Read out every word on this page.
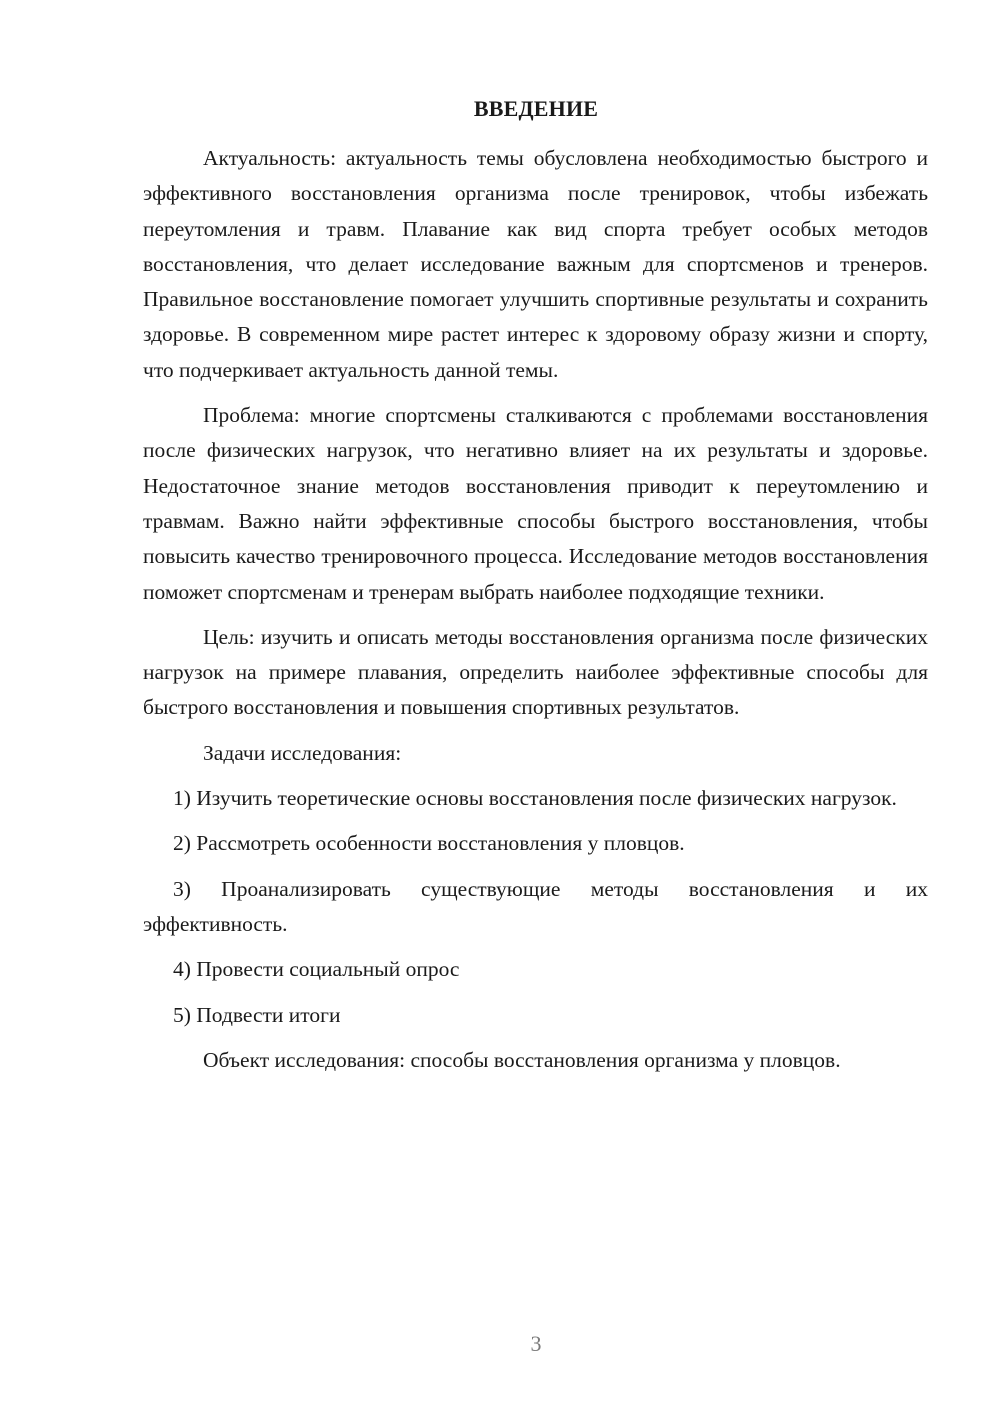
ВВЕДЕНИЕ

Актуальность: актуальность темы обусловлена необходимостью быстрого и эффективного восстановления организма после тренировок, чтобы избежать переутомления и травм. Плавание как вид спорта требует особых методов восстановления, что делает исследование важным для спортсменов и тренеров. Правильное восстановление помогает улучшить спортивные результаты и сохранить здоровье. В современном мире растет интерес к здоровому образу жизни и спорту, что подчеркивает актуальность данной темы.

Проблема: многие спортсмены сталкиваются с проблемами восстановления после физических нагрузок, что негативно влияет на их результаты и здоровье. Недостаточное знание методов восстановления приводит к переутомлению и травмам. Важно найти эффективные способы быстрого восстановления, чтобы повысить качество тренировочного процесса. Исследование методов восстановления поможет спортсменам и тренерам выбрать наиболее подходящие техники.

Цель: изучить и описать методы восстановления организма после физических нагрузок на примере плавания, определить наиболее эффективные способы для быстрого восстановления и повышения спортивных результатов.

Задачи исследования:

1) Изучить теоретические основы восстановления после физических нагрузок.

2) Рассмотреть особенности восстановления у пловцов.

3) Проанализировать существующие методы восстановления и их эффективность.

4) Провести социальный опрос

5) Подвести итоги

Объект исследования: способы восстановления организма у пловцов.

3
